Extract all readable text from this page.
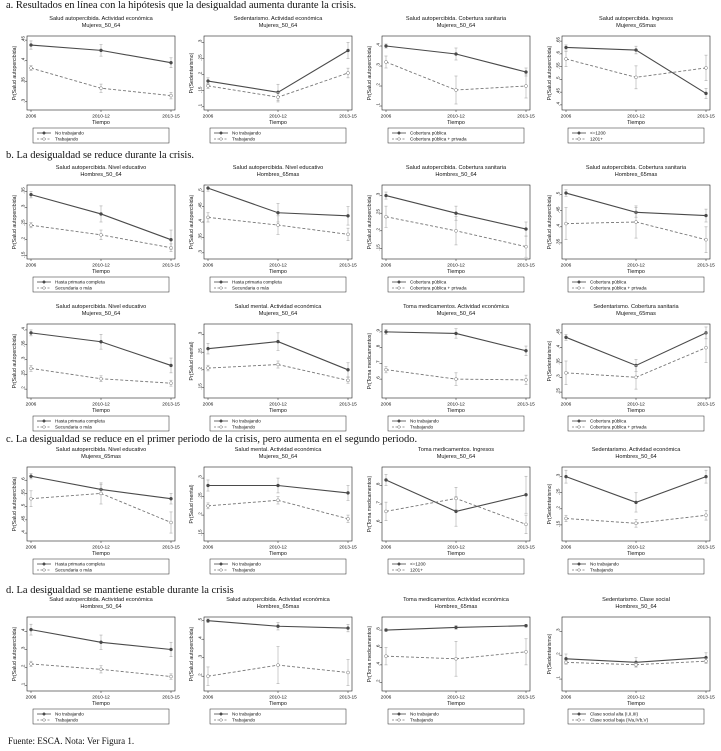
a. Resultados en línea con la hipótesis que la desigualdad aumenta durante la crisis.
b. La desigualdad se reduce durante la crisis.
c. La desigualdad se reduce en el primer periodo de la crisis, pero aumenta en el segundo periodo.
d. La desigualdad se mantiene estable durante la crisis
Salud autopercibida. Actividad económica
Mujeres_50_64
.3
.35
.4
.45
Pr(Salud autopercibida)
2006	2010-12	2013-15
Tiempo
No trabajando
Trabajando
Sedentarismo. Actividad económica
Mujeres_50_64
.1
.15
.2
.25
.3
Pr(Sedentarismo)
2006	2010-12	2013-15
Tiempo
No trabajando
Trabajando
Salud autopercibida. Cobertura sanitaria
Mujeres_50_64
.1
.2
.3
.4
Pr(Salud autopercibida)
2006	2010-12	2013-15
Tiempo
Cobertura pública
Cobertura pública + privada
Salud autopercibida. Ingresos
Mujeres_65mas
.4
.45
.5
.55
.6
.65
Pr(Salud autopercibida)
2006	2010-12	2013-15
Tiempo
<=1200
1201+
Salud autopercibida. Nivel educativo
Hombres_50_64
.15
.2
.25
.3
.35
Pr(Salud autopercibida)
2006	2010-12	2013-15
Tiempo
Hasta primaria completa
Secundaria o más
Salud autopercibida. Nivel educativo
Hombres_65mas
.3
.35
.4
.45
.5
Pr(Salud autopercibida)
2006	2010-12	2013-15
Tiempo
Hasta primaria completa
Secundaria o más
Salud autopercibida. Cobertura sanitaria
Hombres_50_64
.15
.2
.25
.3
Pr(Salud autopercibida)
2006	2010-12	2013-15
Tiempo
Cobertura pública
Cobertura pública + privada
Salud autopercibida. Cobertura sanitaria
Hombres_65mas
.35
.4
.45
.5
Pr(Salud autopercibida)
2006	2010-12	2013-15
Tiempo
Cobertura pública
Cobertura pública + privada
Salud autopercibida. Nivel educativo
Mujeres_50_64
.2
.25
.3
.35
.4
Pr(Salud autopercibida)
2006	2010-12	2013-15
Tiempo
Hasta primaria completa
Secundaria o más
Salud mental. Actividad económica
Mujeres_50_64
.15
.2
.25
.3
Pr(Salud mental)
2006	2010-12	2013-15
Tiempo
No trabajando
Trabajando
Toma medicamentos. Actividad económica
Mujeres_50_64
.6
.7
.8
.9
Pr(Toma medicamentos)
2006	2010-12	2013-15
Tiempo
No trabajando
Trabajando
Sedentarismo. Cobertura sanitaria
Mujeres_65mas
.25
.3
.35
.4
.45
Pr(Sedentarismo)
2006	2010-12	2013-15
Tiempo
Cobertura pública
Cobertura pública + privada
Salud autopercibida. Nivel educativo
Mujeres_65mas
.4
.45
.5
.55
.6
Pr(Salud autopercibida)
2006	2010-12	2013-15
Tiempo
Hasta primaria completa
Secundaria o más
Salud mental. Actividad económica
Mujeres_50_64
.15
.2
.25
.3
Pr(Salud mental)
2006	2010-12	2013-15
Tiempo
No trabajando
Trabajando
Toma medicamentos. Ingresos
Mujeres_50_64
.6
.7
.8
Pr(Toma medicamentos)
2006	2010-12	2013-15
Tiempo
<=1200
1201+
Sedentarismo. Actividad económica
Hombres_50_64
.15
.2
.25
.3
Pr(Sedentarismo)
2006	2010-12	2013-15
Tiempo
No trabajando
Trabajando
Salud autopercibida. Actividad económica
Hombres_50_64
.1
.2
.3
.4
Pr(Salud autopercibida)
2006	2010-12	2013-15
Tiempo
No trabajando
Trabajando
Salud autopercibida. Actividad económica
Hombres_65mas
.2
.3
.4
.5
Pr(Salud autopercibida)
2006	2010-12	2013-15
Tiempo
No trabajando
Trabajando
Toma medicamentos. Actividad económica
Hombres_65mas
.2
.4
.6
.8
Pr(Toma medicamentos)
2006	2010-12	2013-15
Tiempo
No trabajando
Trabajando
Sedentarismo. Clase social
Hombres_50_64
.1
.2
.3
Pr(Sedentarismo)
2006	2010-12	2013-15
Tiempo
Clase social alta (I,II,III)
Clase social baja (IVa,IVb,V)
Fuente: ESCA. Nota: Ver Figura 1.
